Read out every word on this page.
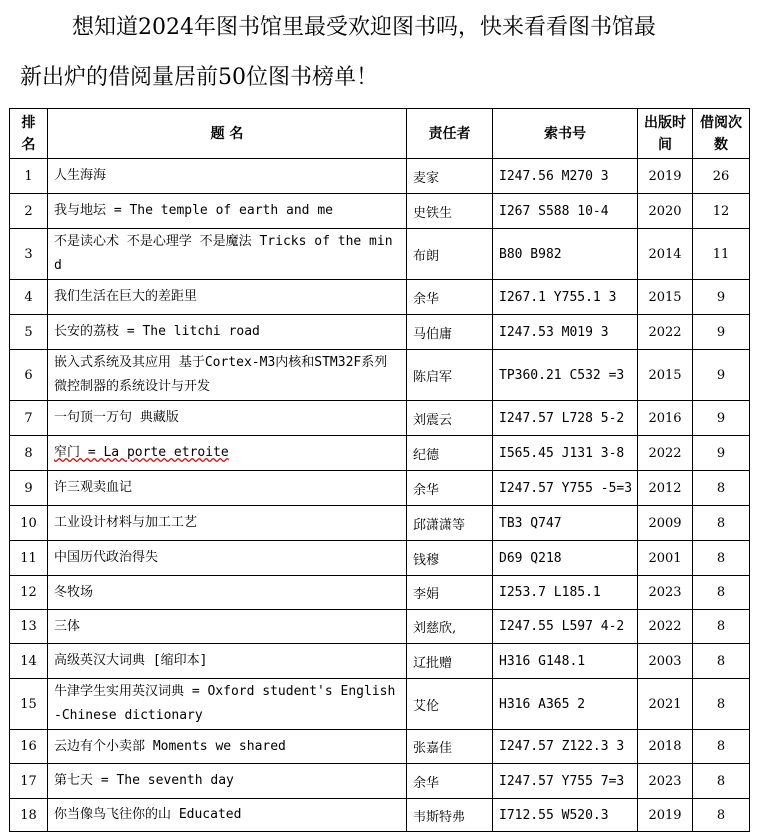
想知道2024年图书馆里最受欢迎图书吗，快来看看图书馆最
新出炉的借阅量居前50位图书榜单！
排名	题 名	责任者	索书号	出版时间	借阅次数
1	人生海海	麦家	I247.56 M270 3	2019	26
2	我与地坛 = The temple of earth and me	史铁生	I267 S588 10-4	2020	12
3	不是读心术 不是心理学 不是魔法 Tricks of the mind	布朗	B80 B982	2014	11
4	我们生活在巨大的差距里	余华	I267.1 Y755.1 3	2015	9
5	长安的荔枝 = The litchi road	马伯庸	I247.53 M019 3	2022	9
6	嵌入式系统及其应用 基于Cortex-M3内核和STM32F系列微控制器的系统设计与开发	陈启军	TP360.21 C532 =3	2015	9
7	一句顶一万句 典藏版	刘震云	I247.57 L728 5-2	2016	9
8	窄门 = La porte etroite	纪德	I565.45 J131 3-8	2022	9
9	许三观卖血记	余华	I247.57 Y755 -5=3	2012	8
10	工业设计材料与加工工艺	邱潇潇等	TB3 Q747	2009	8
11	中国历代政治得失	钱穆	D69 Q218	2001	8
12	冬牧场	李娟	I253.7 L185.1	2023	8
13	三体	刘慈欣,	I247.55 L597 4-2	2022	8
14	高级英汉大词典 [缩印本]	辽批赠	H316 G148.1	2003	8
15	牛津学生实用英汉词典 = Oxford student's English-Chinese dictionary	艾伦	H316 A365 2	2021	8
16	云边有个小卖部 Moments we shared	张嘉佳	I247.57 Z122.3 3	2018	8
17	第七天 = The seventh day	余华	I247.57 Y755 7=3	2023	8
18	你当像鸟飞往你的山 Educated	韦斯特弗	I712.55 W520.3	2019	8
